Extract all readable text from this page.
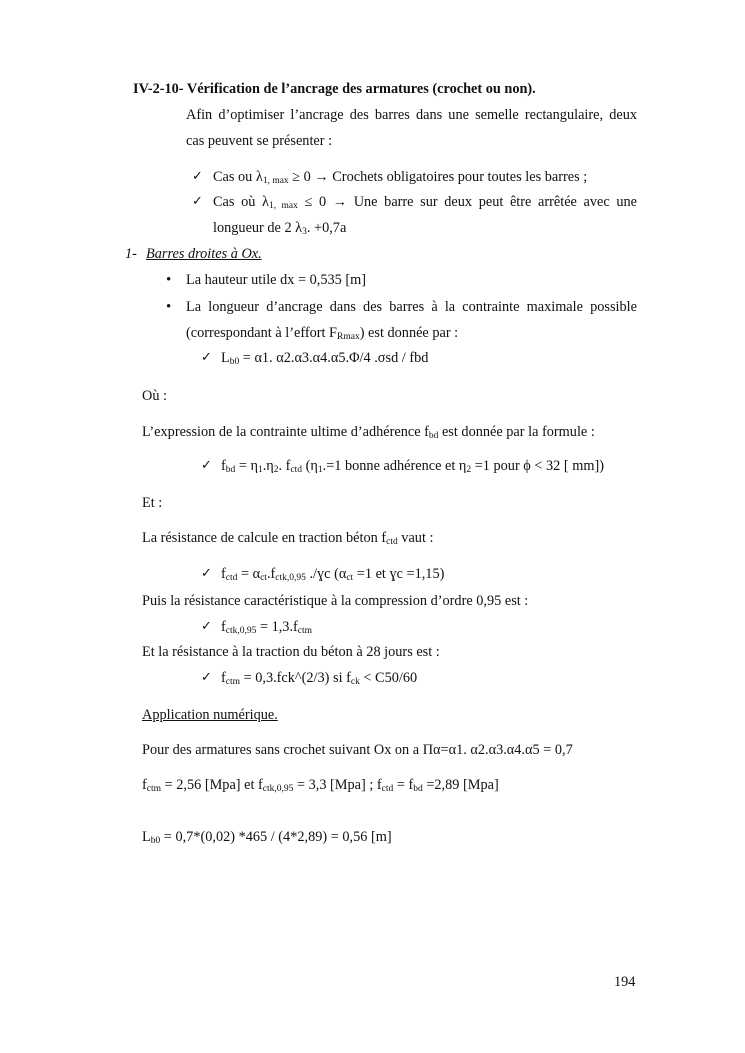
IV-2-10- Vérification de l’ancrage des armatures (crochet ou non).
Afin d’optimiser l’ancrage des barres dans une semelle rectangulaire, deux
cas peuvent se présenter :
✓ Cas ou $\lambda_{1, max} \ge 0$ → Crochets obligatoires pour toutes les barres ;
✓ Cas où $\lambda_{1, max} \le 0$ → Une barre sur deux peut être arrêtée avec une
longueur de 2 $\lambda_3$. +0,7a
1- Barres droites à Ox.
• La hauteur utile dx = 0,535 [m]
• La longueur d’ancrage dans des barres à la contrainte maximale possible
(correspondant à l’effort $F_{Rmax}$) est donnée par :
✓ $L_{b0} = \alpha 1$. α2.α3.α4.α5.Φ/4 .σsd / fbd
Où :
L’expression de la contrainte ultime d’adhérence $f_{bd}$ est donnée par la formule :
✓ $f_{bd} = \eta_1.\eta_2$. $f_{ctd}$ ($\eta_1.=1$ bonne adhérence et $\eta_2 =1$ pour ϕ < 32 [ mm])
Et :
La résistance de calcule en traction béton $f_{ctd}$ vaut :
✓ $f_{ctd} = \alpha_{ct}.f_{ctk,0,95}$ ./ɣc ($\alpha_{ct} =1$ et ɣc =1,15)
Puis la résistance caractéristique à la compression d’ordre 0,95 est :
✓ $f_{ctk,0,95} = 1,3.f_{ctm}$
Et la résistance à la traction du béton à 28 jours est :
✓ $f_{ctm}$ = 0,3.fck^(2/3) si $f_{ck} < C50/60$
Application numérique.
Pour des armatures sans crochet suivant Ox on a Πα=α1. α2.α3.α4.α5 = 0,7
$f_{ctm} = 2,56$ [Mpa] et $f_{ctk,0,95} = 3,3$ [Mpa] ; $f_{ctd} = f_{bd} =2,89$ [Mpa]
$L_{b0} = 0,7*(0,02)$ *465 / (4*2,89) = 0,56 [m]
194
